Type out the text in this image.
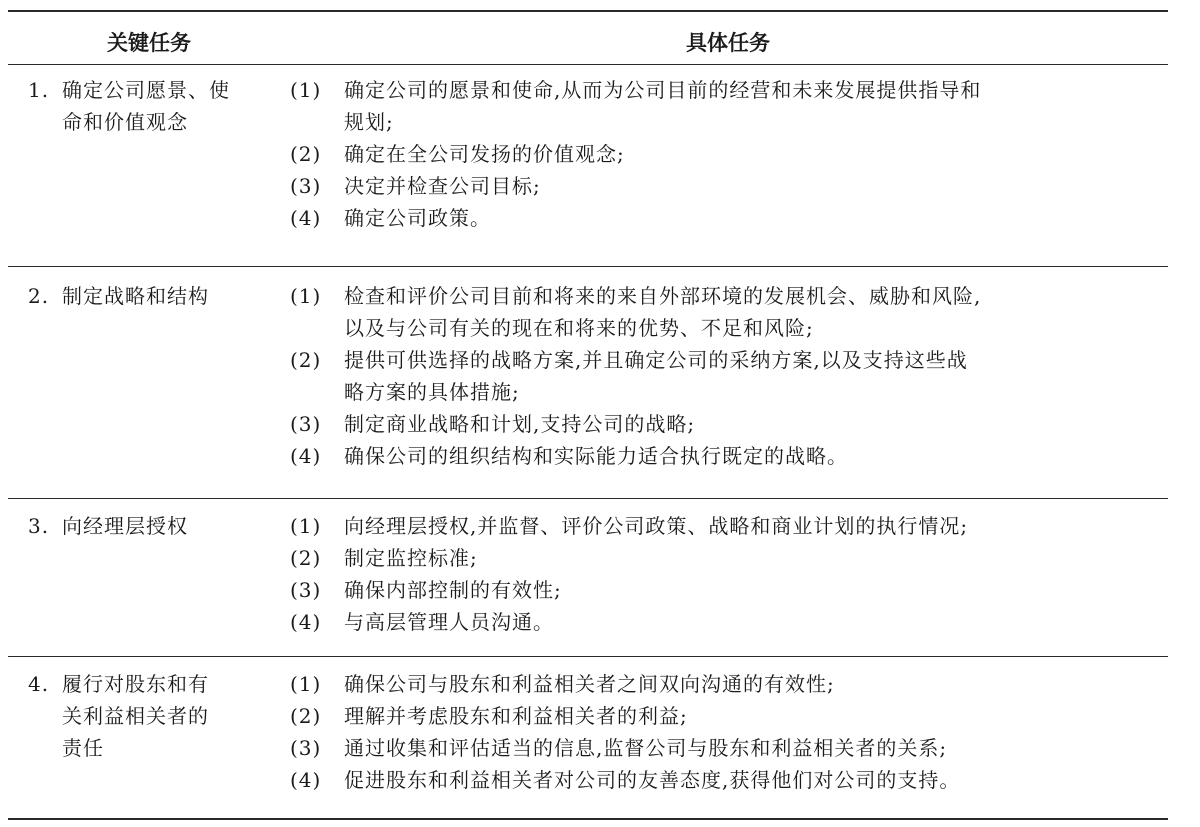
关键任务	具体任务
1. 确定公司愿景、使
命和价值观念
(1)	确定公司的愿景和使命,从而为公司目前的经营和未来发展提供指导和
规划;
(2)	确定在全公司发扬的价值观念;
(3)	决定并检查公司目标;
(4)	确定公司政策。
2. 制定战略和结构	(1)	检查和评价公司目前和将来的来自外部环境的发展机会、威胁和风险,
以及与公司有关的现在和将来的优势、不足和风险;
(2)	提供可供选择的战略方案,并且确定公司的采纳方案,以及支持这些战
略方案的具体措施;
(3)	制定商业战略和计划,支持公司的战略;
(4)	确保公司的组织结构和实际能力适合执行既定的战略。
3. 向经理层授权	(1)	向经理层授权,并监督、评价公司政策、战略和商业计划的执行情况;
(2)	制定监控标准;
(3)	确保内部控制的有效性;
(4)	与高层管理人员沟通。
4. 履行对股东和有
关利益相关者的
责任
(1)	确保公司与股东和利益相关者之间双向沟通的有效性;
(2)	理解并考虑股东和利益相关者的利益;
(3)	通过收集和评估适当的信息,监督公司与股东和利益相关者的关系;
(4)	促进股东和利益相关者对公司的友善态度,获得他们对公司的支持。
